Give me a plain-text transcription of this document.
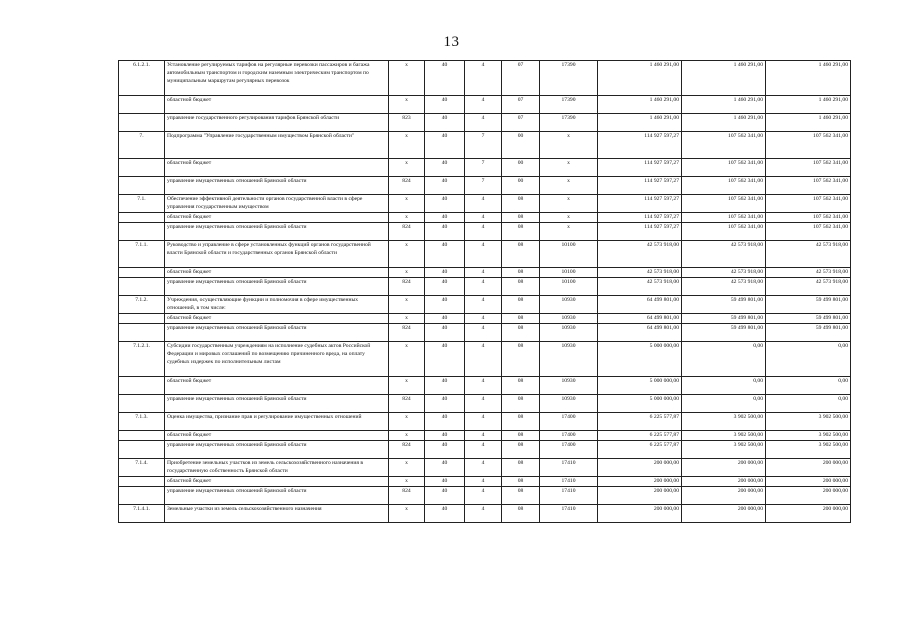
13
6.1.2.1.	Установление регулируемых тарифов на регулярные перевозки пассажиров и багажа автомобильным транспортом и городским наземным электрическим транспортом по муниципальным маршрутам регулярных перевозок	х	40	4	07	17390	1 460 291,00	1 460 291,00	1 460 291,00
	областной бюджет	х	40	4	07	17390	1 460 291,00	1 460 291,00	1 460 291,00
	управление государственного регулирования тарифов Брянской области	823	40	4	07	17390	1 460 291,00	1 460 291,00	1 460 291,00
7.	Подпрограмма "Управление государственным имуществом Брянской области"	х	40	7	00	х	114 927 597,27	107 562 341,00	107 562 341,00
	областной бюджет	х	40	7	00	х	114 927 597,27	107 562 341,00	107 562 341,00
	управление имущественных отношений Брянской области	824	40	7	00	х	114 927 597,27	107 562 341,00	107 562 341,00
7.1.	Обеспечение эффективной деятельности органов государственной власти в сфере управления государственным имуществом	х	40	4	08	х	114 927 597,27	107 562 341,00	107 562 341,00
	областной бюджет	х	40	4	08	х	114 927 597,27	107 562 341,00	107 562 341,00
	управление имущественных отношений Брянской области	824	40	4	08	х	114 927 597,27	107 562 341,00	107 562 341,00
7.1.1.	Руководство и управление в сфере установленных функций органов государственной власти Брянской области и государственных органов Брянской области	х	40	4	08	10100	42 573 918,00	42 573 918,00	42 573 918,00
	областной бюджет	х	40	4	08	10100	42 573 918,00	42 573 918,00	42 573 918,00
	управление имущественных отношений Брянской области	824	40	4	08	10100	42 573 918,00	42 573 918,00	42 573 918,00
7.1.2.	Учреждения, осуществляющие функции и полномочия в сфере имущественных отношений, в том числе:	х	40	4	08	10930	64 499 801,00	59 499 801,00	59 499 801,00
	областной бюджет	х	40	4	08	10930	64 499 801,00	59 499 801,00	59 499 801,00
	управление имущественных отношений Брянской области	824	40	4	08	10930	64 499 801,00	59 499 801,00	59 499 801,00
7.1.2.1.	Субсидии государственным учреждениям на исполнение судебных актов Российской Федерации и мировых соглашений по возмещению причиненного вреда, на оплату судебных издержек по исполнительным листам	х	40	4	08	10930	5 000 000,00	0,00	0,00
	областной бюджет	х	40	4	08	10930	5 000 000,00	0,00	0,00
	управление имущественных отношений Брянской области	824	40	4	08	10930	5 000 000,00	0,00	0,00
7.1.3.	Оценка имущества, признание прав и регулирование имущественных отношений	х	40	4	08	17400	6 225 577,87	3 902 500,00	3 902 500,00
	областной бюджет	х	40	4	08	17400	6 225 577,87	3 902 500,00	3 902 500,00
	управление имущественных отношений Брянской области	824	40	4	08	17400	6 225 577,87	3 902 500,00	3 902 500,00
7.1.4.	Приобретение земельных участков из земель сельскохозяйственного назначения в государственную собственность Брянской области	х	40	4	08	17410	200 000,00	200 000,00	200 000,00
	областной бюджет	х	40	4	08	17410	200 000,00	200 000,00	200 000,00
	управление имущественных отношений Брянской области	824	40	4	08	17410	200 000,00	200 000,00	200 000,00
7.1.4.1.	Земельные участки из земель сельскохозяйственного назначения	х	40	4	08	17410	200 000,00	200 000,00	200 000,00
